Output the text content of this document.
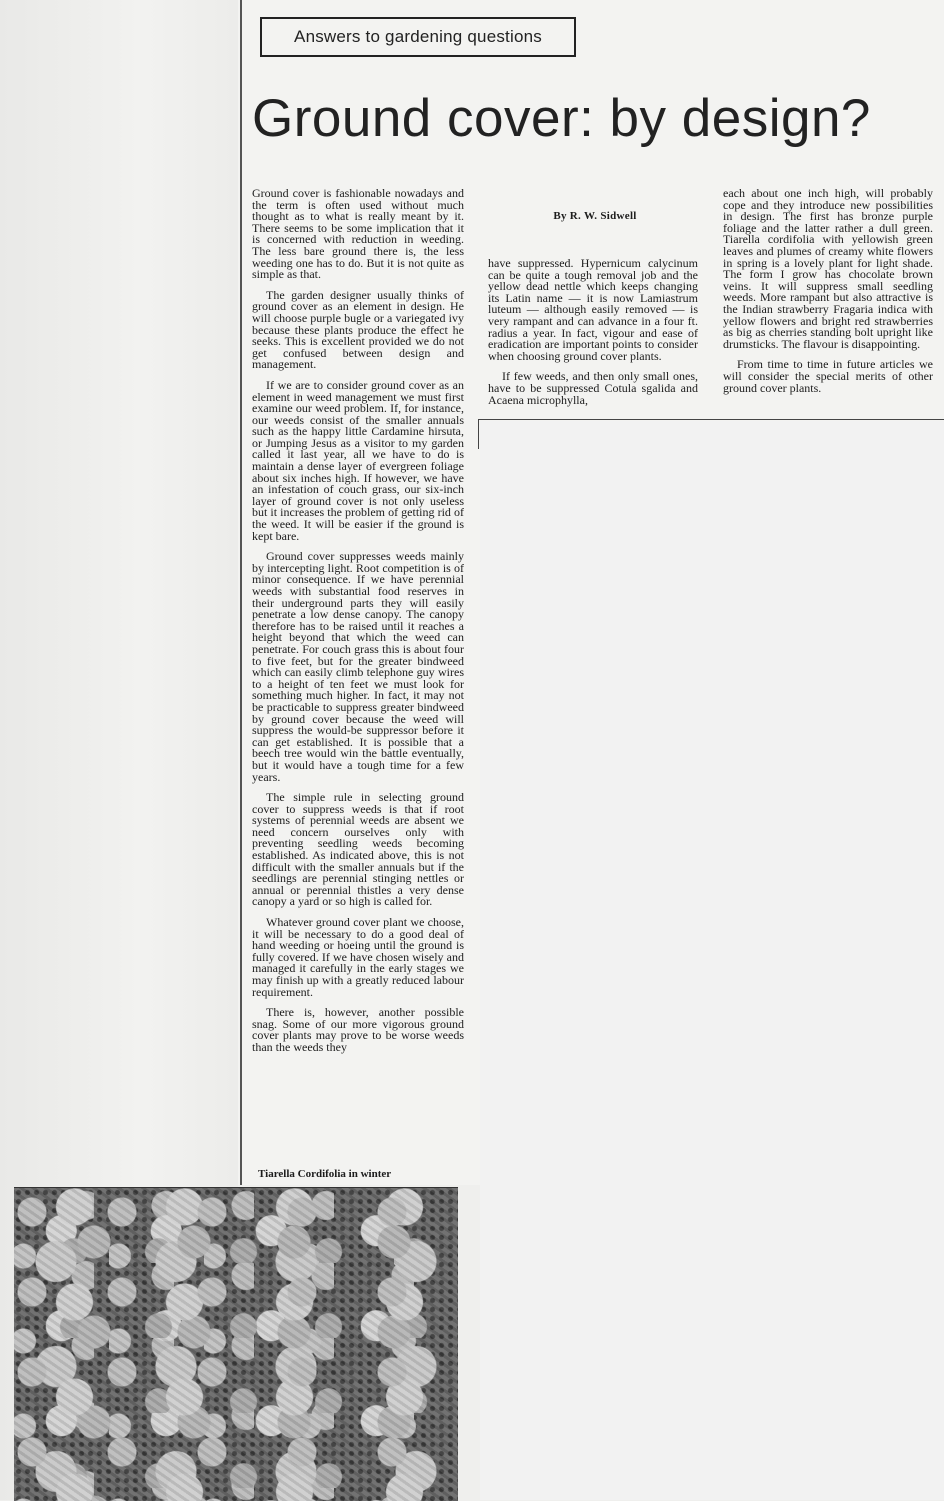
Answers to gardening questions
Ground cover: by design?

Ground cover is fashionable nowadays and the term is often used without much thought as to what is really meant by it. There seems to be some implication that it is concerned with reduction in weeding. The less bare ground there is, the less weeding one has to do. But it is not quite as simple as that.

The garden designer usually thinks of ground cover as an element in design. He will choose purple bugle or a variegated ivy because these plants produce the effect he seeks. This is excellent provided we do not get confused between design and management.

If we are to consider ground cover as an element in weed management we must first examine our weed problem. If, for instance, our weeds consist of the smaller annuals such as the happy little Cardamine hirsuta, or Jumping Jesus as a visitor to my garden called it last year, all we have to do is maintain a dense layer of evergreen foliage about six inches high. If however, we have an infestation of couch grass, our six-inch layer of ground cover is not only useless but it increases the problem of getting rid of the weed. It will be easier if the ground is kept bare.

Ground cover suppresses weeds mainly by intercepting light. Root competition is of minor consequence. If we have perennial weeds with substantial food reserves in their underground parts they will easily penetrate a low dense canopy. The canopy therefore has to be raised until it reaches a height beyond that which the weed can penetrate. For couch grass this is about four to five feet, but for the greater bindweed which can easily climb telephone guy wires to a height of ten feet we must look for something much higher. In fact, it may not be practicable to suppress greater bindweed by ground cover because the weed will suppress the would-be suppressor before it can get established. It is possible that a beech tree would win the battle eventually, but it would have a tough time for a few years.

The simple rule in selecting ground cover to suppress weeds is that if root systems of perennial weeds are absent we need concern ourselves only with preventing seedling weeds becoming established. As indicated above, this is not difficult with the smaller annuals but if the seedlings are perennial stinging nettles or annual or perennial thistles a very dense canopy a yard or so high is called for.

Whatever ground cover plant we choose, it will be necessary to do a good deal of hand weeding or hoeing until the ground is fully covered. If we have chosen wisely and managed it carefully in the early stages we may finish up with a greatly reduced labour requirement.

There is, however, another possible snag. Some of our more vigorous ground cover plants may prove to be worse weeds than the weeds they

By R. W. Sidwell

have suppressed. Hypernicum calycinum can be quite a tough removal job and the yellow dead nettle which keeps changing its Latin name — it is now Lamiastrum luteum — although easily removed — is very rampant and can advance in a four ft. radius a year. In fact, vigour and ease of eradication are important points to consider when choosing ground cover plants.

If few weeds, and then only small ones, have to be suppressed Cotula sgalida and Acaena microphylla,

each about one inch high, will probably cope and they introduce new possibilities in design. The first has bronze purple foliage and the latter rather a dull green. Tiarella cordifolia with yellowish green leaves and plumes of creamy white flowers in spring is a lovely plant for light shade. The form I grow has chocolate brown veins. It will suppress small seedling weeds. More rampant but also attractive is the Indian strawberry Fragaria indica with yellow flowers and bright red strawberries as big as cherries standing bolt upright like drumsticks. The flavour is disappointing.

From time to time in future articles we will consider the special merits of other ground cover plants.

Tiarella Cordifolia in winter
